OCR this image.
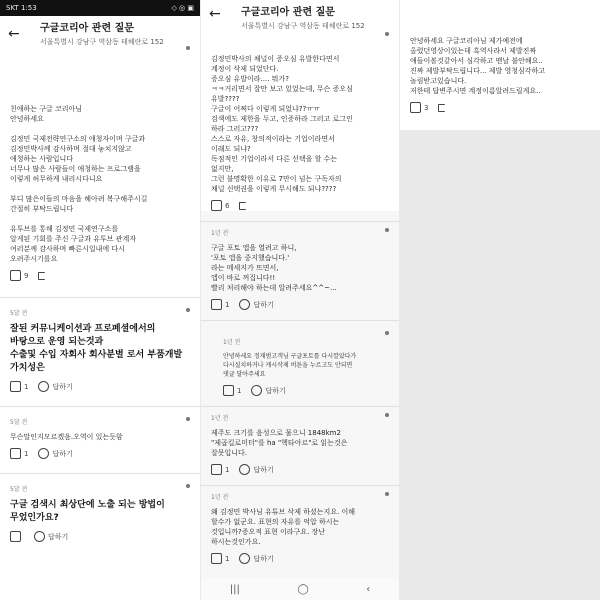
SKT 1:53	◇ ◎ ▣
← 구글코리아 관련 질문
서울특별시 강남구 역삼동 테헤란로 152
친애하는 구글 코리아님
안녕하세요

김정민 국제전략연구소의 애청자이며 구글과
김정민박사께 감사하며 절대 놓치지않고
애청하는 사람입니다
너무나 많은 사람들이 애청하는 프로그램을
이렇게 허무하게 내리시다니요

부디 많은이들의 마음을 헤아려 복구해주시길
간절히 부탁드립니다

유투브를 통해 김정민 국제연구소를
알게된 기회를 주신 구글과 유투브 관계자
여러분께 감사하며 빠른시일내에 다시
오려주시기를요
9
5달 전
잘된 커뮤니케이션과 프로페셜에서의
바탕으로 운영 되는것과
수출및 수입 자회사 회사분별 로서 부품개발
가치성은
1	답하기
5달 전
무슨말인지모르겠음.오역이 있는듯함
1	답하기
5달 전
구글 검색시 최상단에 노출 되는 방법이
무었인가요?
답하기
← 구글코리아 관련 질문
서울특별시 강남구 역삼동 테헤란로 152
김정민박사의 채널이 증오심 유발한다면서
계정이 삭제 되었단다.
증오심 유발이라.... 뭐가?
ㅋㅋ거리면서 잘만 보고 있었는데, 무슨 증오심
유발????
구글이 어쩌다 이렇게 되었냐??ㅠㅠ
검색에도 제한을 두고, 인증하라 그러고 로그인
하라 그러고???
스스로 자유, 창의적이라는 기업이라면서
이래도 되냐?
독점적인 기업이라서 다른 선택을 할 수는
없지만,
그런 불명확한 이유로 7만이 넘는 구독자의
채널 선택권을 이렇게 무시해도 되냐????
6
1년 전
구글 포토 앱을 열려고 하니,
'포토 앱을 중지했습니다.'
라는 메세지가 뜨면서,
앱이 바로 꺼집니다!!
빨리 처리해야 하는데 알려주세요^^~...
1	답하기
1년 전
안녕하세요 정재범고객님 구글포토를 다시깔았다가
다시설치하거나 캐시삭제 버튼을 누르고도 안되면
댓글 달아주세요
1	답하기
1년 전
제주도 크기를 음성으로 물으니 1848km2
"제곱킬로미터"를 ha "헥타아르"로 읽는것은
잘못입니다.
1	답하기
1년 전
왜 김정민 박사님 유튜브 삭제 하셨는지요. 이해
할수가 없군요. 표현의 자유를 억압 하시는
것입니까?증오적 표현 이라구요. 장난
하시는것인가요.
1	답하기
|||	◯	‹
안녕하세요 구글코리아님 제가예전에
올렸던영상이있는데 흑역사라서 제발진짜
애들이볼것같아서 심각하고 맨날 불안해요..
진짜 제발부탁드립니다... 제발 영청심각하고
놀림받고있습니다.
저한테 답변주시면 계정이름알려드릴게요..
3
